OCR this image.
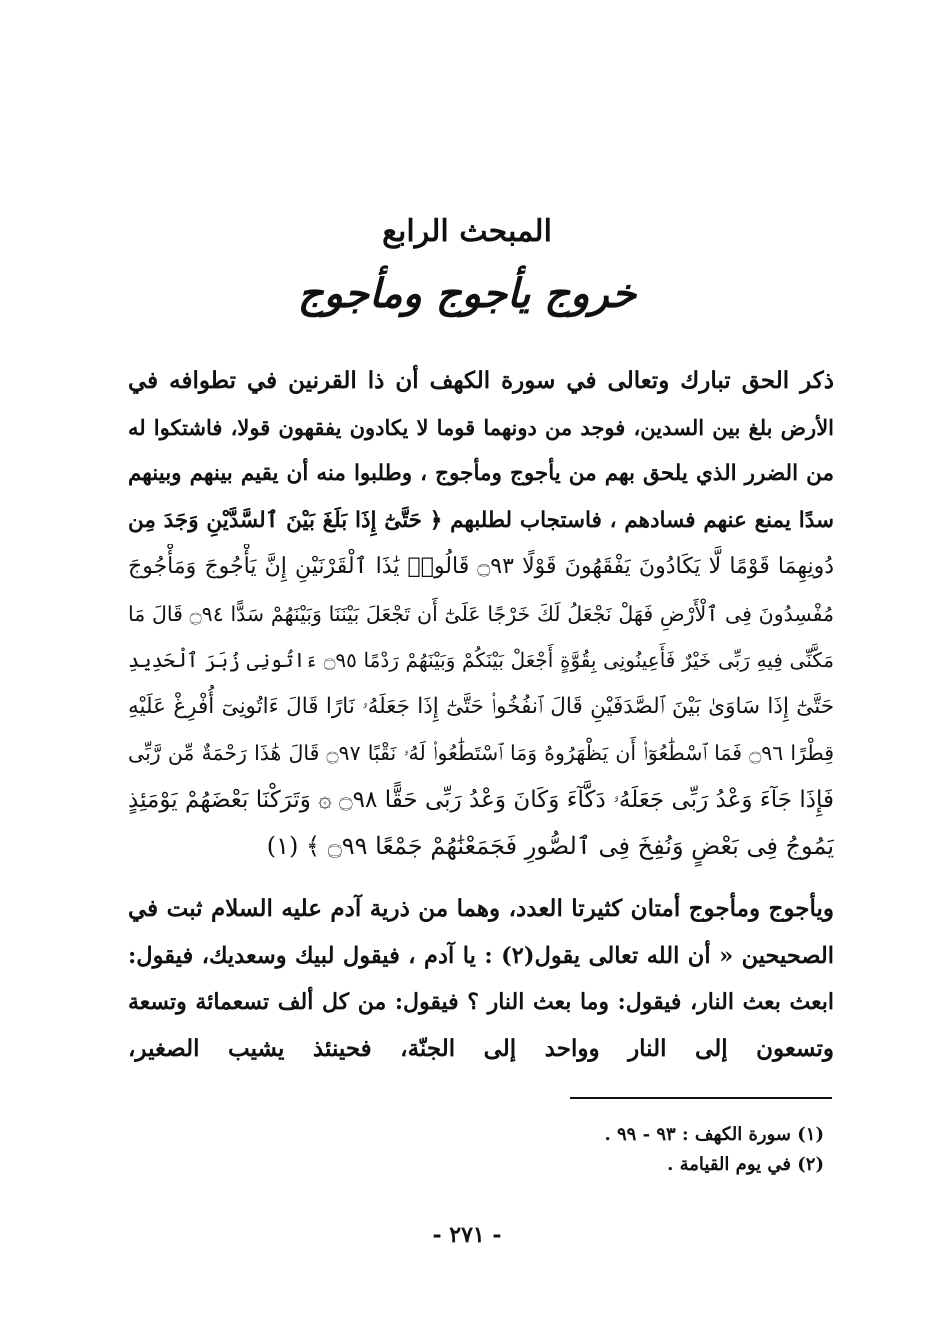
المبحث الرابع
خروج يأجوج ومأجوج
ذكر الحق تبارك وتعالى في سورة الكهف أن ذا القرنين في تطوافه في
الأرض بلغ بين السدين، فوجد من دونهما قوما لا يكادون يفقهون قولا، فاشتكوا له
من الضرر الذي يلحق بهم من يأجوج ومأجوج ، وطلبوا منه أن يقيم بينهم وبينهم
سدًا يمنع عنهم فسادهم ، فاستجاب لطلبهم ﴿ حَتَّىٰٓ إِذَا بَلَغَ بَيْنَ ٱلسَّدَّيْنِ وَجَدَ مِن
دُونِهِمَا قَوْمًا لَّا يَكَادُونَ يَفْقَهُونَ قَوْلًا ۝٩٣ قَالُوا۟ يَٰذَا ٱلْقَرْنَيْنِ إِنَّ يَأْجُوجَ وَمَأْجُوجَ
مُفْسِدُونَ فِى ٱلْأَرْضِ فَهَلْ نَجْعَلُ لَكَ خَرْجًا عَلَىٰٓ أَن تَجْعَلَ بَيْنَنَا وَبَيْنَهُمْ سَدًّا ۝٩٤ قَالَ مَا
مَكَّنِّى فِيهِ رَبِّى خَيْرٌ فَأَعِينُونِى بِقُوَّةٍ أَجْعَلْ بَيْنَكُمْ وَبَيْنَهُمْ رَدْمًا ۝٩٥ ءَاتُونِى زُبَرَ ٱلْحَدِيدِ
حَتَّىٰٓ إِذَا سَاوَىٰ بَيْنَ ٱلصَّدَفَيْنِ قَالَ ٱنفُخُوا۟ حَتَّىٰٓ إِذَا جَعَلَهُۥ نَارًا قَالَ ءَاتُونِىٓ أُفْرِغْ عَلَيْهِ
قِطْرًا ۝٩٦ فَمَا ٱسْطَٰعُوٓا۟ أَن يَظْهَرُوهُ وَمَا ٱسْتَطَٰعُوا۟ لَهُۥ نَقْبًا ۝٩٧ قَالَ هَٰذَا رَحْمَةٌ مِّن رَّبِّى
فَإِذَا جَآءَ وَعْدُ رَبِّى جَعَلَهُۥ دَكَّآءَ وَكَانَ وَعْدُ رَبِّى حَقًّا ۝٩٨ ۞ وَتَرَكْنَا بَعْضَهُمْ يَوْمَئِذٍ
يَمُوجُ فِى بَعْضٍ وَنُفِخَ فِى ٱلصُّورِ فَجَمَعْنَٰهُمْ جَمْعًا ۝٩٩ ﴾ (١)
ويأجوج ومأجوج أمتان كثيرتا العدد، وهما من ذرية آدم عليه السلام ثبت في
الصحيحين « أن الله تعالى يقول(٢) : يا آدم ، فيقول لبيك وسعديك، فيقول:
ابعث بعث النار، فيقول: وما بعث النار ؟ فيقول: من كل ألف تسعمائة وتسعة
وتسعون إلى النار وواحد إلى الجنّة، فحينئذ يشيب الصغير،
(١) سورة الكهف : ٩٣ - ٩٩ .
(٢) في يوم القيامة .
- ٢٧١ -
